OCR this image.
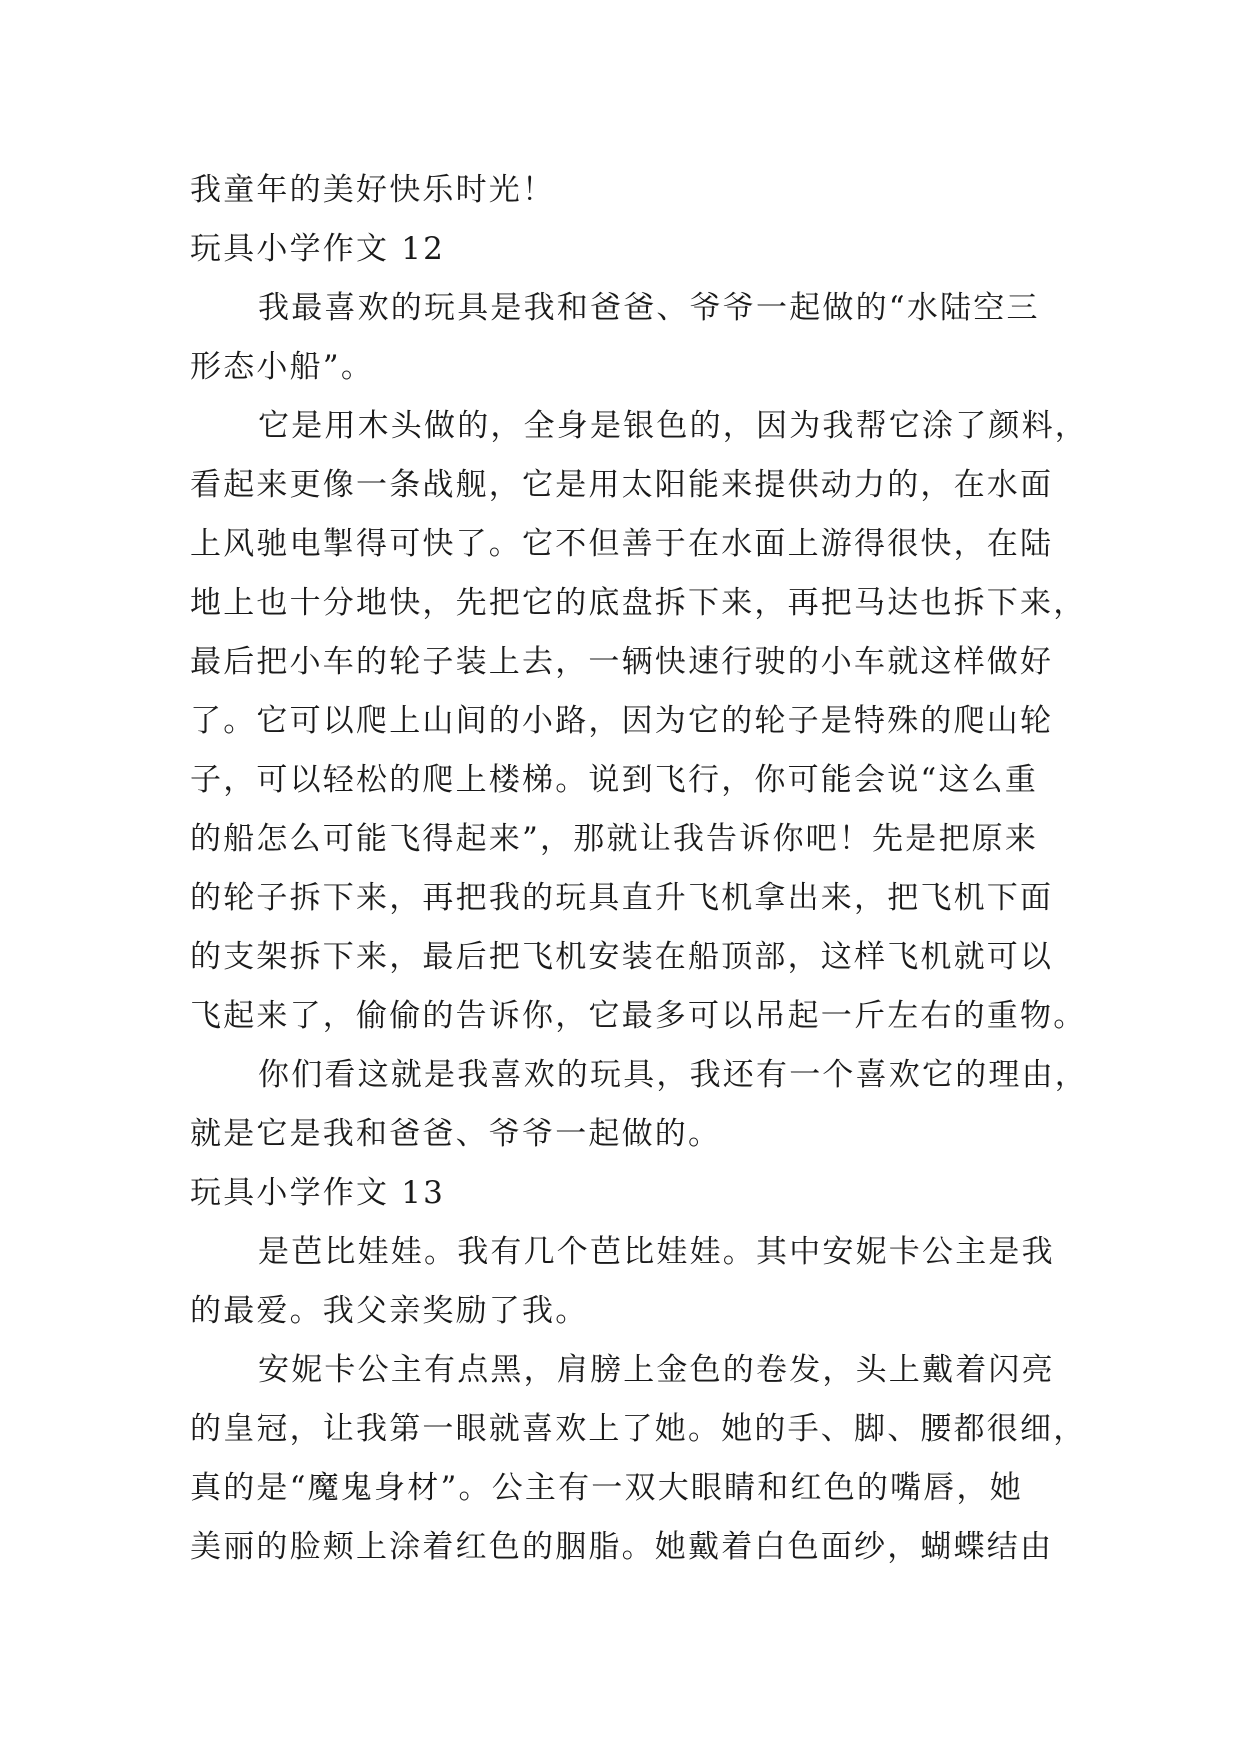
我童年的美好快乐时光！
玩具小学作文 12
我最喜欢的玩具是我和爸爸、爷爷一起做的“水陆空三
形态小船”。
它是用木头做的，全身是银色的，因为我帮它涂了颜料，
看起来更像一条战舰，它是用太阳能来提供动力的，在水面
上风驰电掣得可快了。它不但善于在水面上游得很快，在陆
地上也十分地快，先把它的底盘拆下来，再把马达也拆下来，
最后把小车的轮子装上去，一辆快速行驶的小车就这样做好
了。它可以爬上山间的小路，因为它的轮子是特殊的爬山轮
子，可以轻松的爬上楼梯。说到飞行，你可能会说“这么重
的船怎么可能飞得起来”，那就让我告诉你吧！先是把原来
的轮子拆下来，再把我的玩具直升飞机拿出来，把飞机下面
的支架拆下来，最后把飞机安装在船顶部，这样飞机就可以
飞起来了，偷偷的告诉你，它最多可以吊起一斤左右的重物。
你们看这就是我喜欢的玩具，我还有一个喜欢它的理由，
就是它是我和爸爸、爷爷一起做的。
玩具小学作文 13
是芭比娃娃。我有几个芭比娃娃。其中安妮卡公主是我
的最爱。我父亲奖励了我。
安妮卡公主有点黑，肩膀上金色的卷发，头上戴着闪亮
的皇冠，让我第一眼就喜欢上了她。她的手、脚、腰都很细，
真的是“魔鬼身材”。公主有一双大眼睛和红色的嘴唇，她
美丽的脸颊上涂着红色的胭脂。她戴着白色面纱，蝴蝶结由
